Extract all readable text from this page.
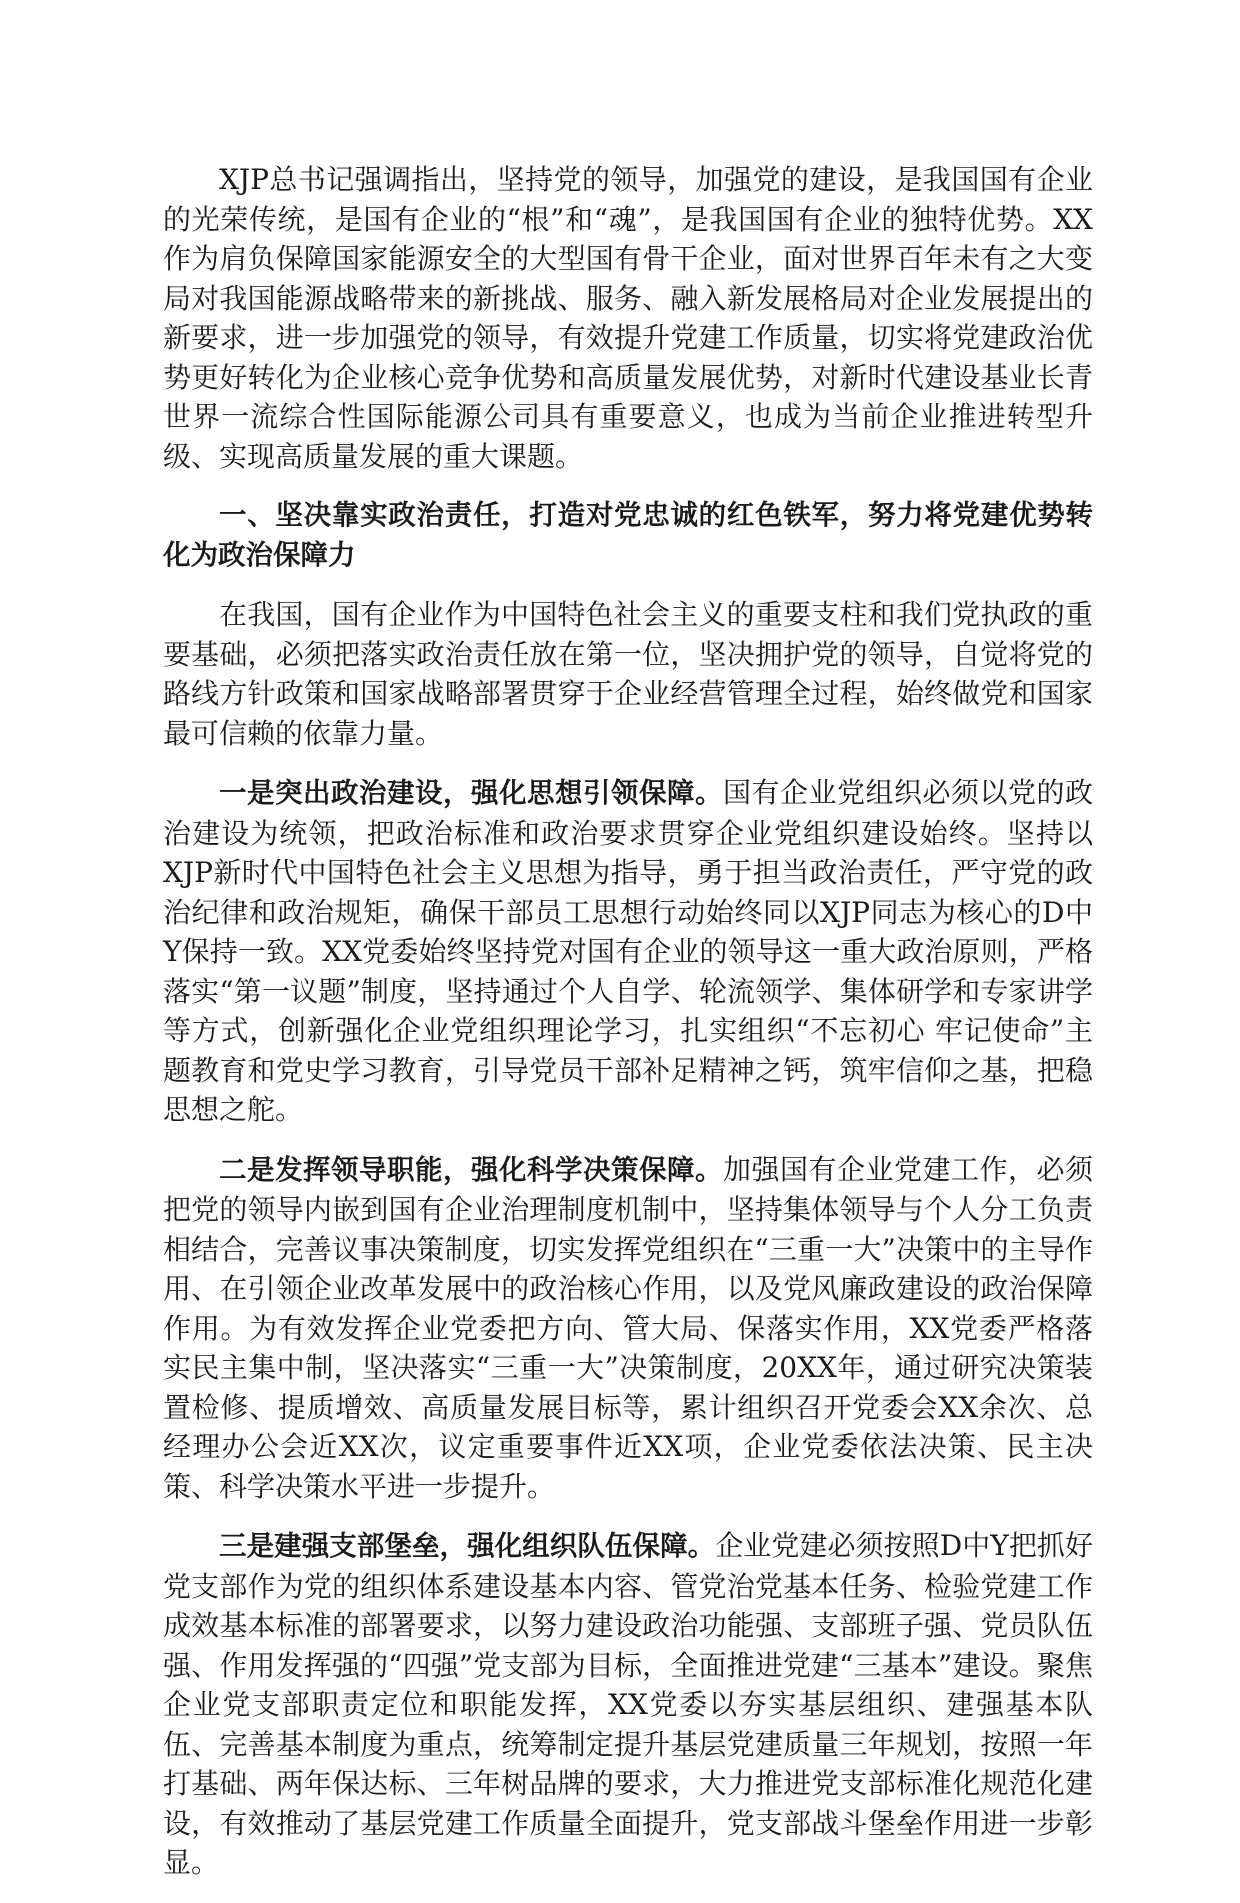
XJP总书记强调指出，坚持党的领导，加强党的建设，是我国国有企业的光荣传统，是国有企业的“根”和“魂”，是我国国有企业的独特优势。XX作为肩负保障国家能源安全的大型国有骨干企业，面对世界百年未有之大变局对我国能源战略带来的新挑战、服务、融入新发展格局对企业发展提出的新要求，进一步加强党的领导，有效提升党建工作质量，切实将党建政治优势更好转化为企业核心竞争优势和高质量发展优势，对新时代建设基业长青世界一流综合性国际能源公司具有重要意义，也成为当前企业推进转型升级、实现高质量发展的重大课题。

一、坚决靠实政治责任，打造对党忠诚的红色铁军，努力将党建优势转化为政治保障力

在我国，国有企业作为中国特色社会主义的重要支柱和我们党执政的重要基础，必须把落实政治责任放在第一位，坚决拥护党的领导，自觉将党的路线方针政策和国家战略部署贯穿于企业经营管理全过程，始终做党和国家最可信赖的依靠力量。

一是突出政治建设，强化思想引领保障。国有企业党组织必须以党的政治建设为统领，把政治标准和政治要求贯穿企业党组织建设始终。坚持以XJP新时代中国特色社会主义思想为指导，勇于担当政治责任，严守党的政治纪律和政治规矩，确保干部员工思想行动始终同以XJP同志为核心的D中Y保持一致。XX党委始终坚持党对国有企业的领导这一重大政治原则，严格落实“第一议题”制度，坚持通过个人自学、轮流领学、集体研学和专家讲学等方式，创新强化企业党组织理论学习，扎实组织“不忘初心 牢记使命”主题教育和党史学习教育，引导党员干部补足精神之钙，筑牢信仰之基，把稳思想之舵。

二是发挥领导职能，强化科学决策保障。加强国有企业党建工作，必须把党的领导内嵌到国有企业治理制度机制中，坚持集体领导与个人分工负责相结合，完善议事决策制度，切实发挥党组织在“三重一大”决策中的主导作用、在引领企业改革发展中的政治核心作用，以及党风廉政建设的政治保障作用。为有效发挥企业党委把方向、管大局、保落实作用，XX党委严格落实民主集中制，坚决落实“三重一大”决策制度，20XX年，通过研究决策装置检修、提质增效、高质量发展目标等，累计组织召开党委会XX余次、总经理办公会近XX次，议定重要事件近XX项，企业党委依法决策、民主决策、科学决策水平进一步提升。

三是建强支部堡垒，强化组织队伍保障。企业党建必须按照D中Y把抓好党支部作为党的组织体系建设基本内容、管党治党基本任务、检验党建工作成效基本标准的部署要求，以努力建设政治功能强、支部班子强、党员队伍强、作用发挥强的“四强”党支部为目标，全面推进党建“三基本”建设。聚焦企业党支部职责定位和职能发挥，XX党委以夯实基层组织、建强基本队伍、完善基本制度为重点，统筹制定提升基层党建质量三年规划，按照一年打基础、两年保达标、三年树品牌的要求，大力推进党支部标准化规范化建设，有效推动了基层党建工作质量全面提升，党支部战斗堡垒作用进一步彰显。
